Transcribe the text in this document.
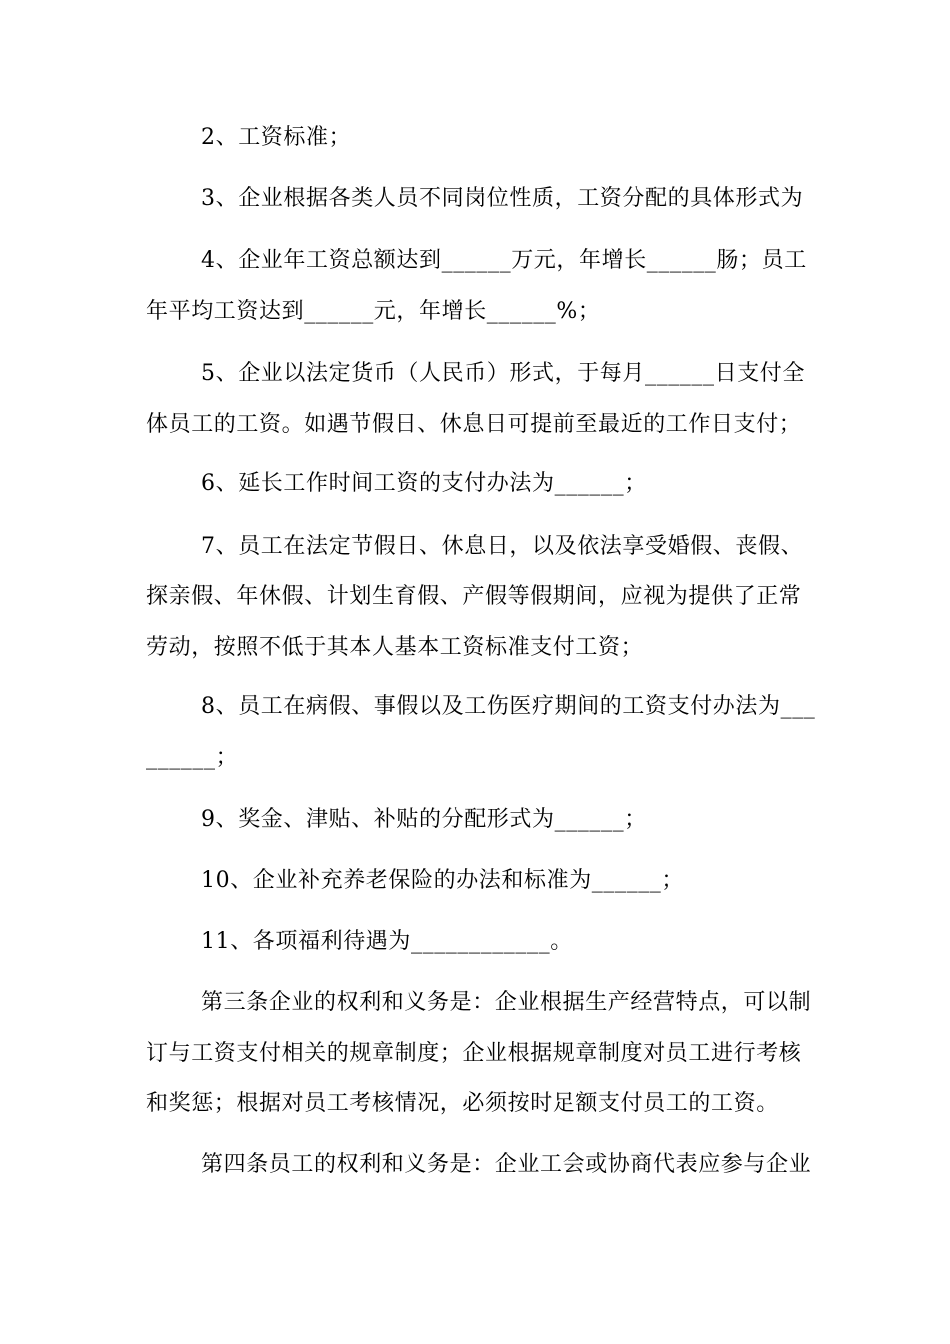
2、工资标准；
3、企业根据各类人员不同岗位性质，工资分配的具体形式为
4、企业年工资总额达到______万元，年增长______肠；员工
年平均工资达到______元，年增长______%；
5、企业以法定货币（人民币）形式，于每月______日支付全
体员工的工资。如遇节假日、休息日可提前至最近的工作日支付；
6、延长工作时间工资的支付办法为______；
7、员工在法定节假日、休息日，以及依法享受婚假、丧假、
探亲假、年休假、计划生育假、产假等假期间，应视为提供了正常
劳动，按照不低于其本人基本工资标准支付工资；
8、员工在病假、事假以及工伤医疗期间的工资支付办法为___
______；
9、奖金、津贴、补贴的分配形式为______；
10、企业补充养老保险的办法和标准为______；
11、各项福利待遇为____________。
第三条企业的权利和义务是：企业根据生产经营特点，可以制
订与工资支付相关的规章制度；企业根据规章制度对员工进行考核
和奖惩；根据对员工考核情况，必须按时足额支付员工的工资。
第四条员工的权利和义务是：企业工会或协商代表应参与企业
